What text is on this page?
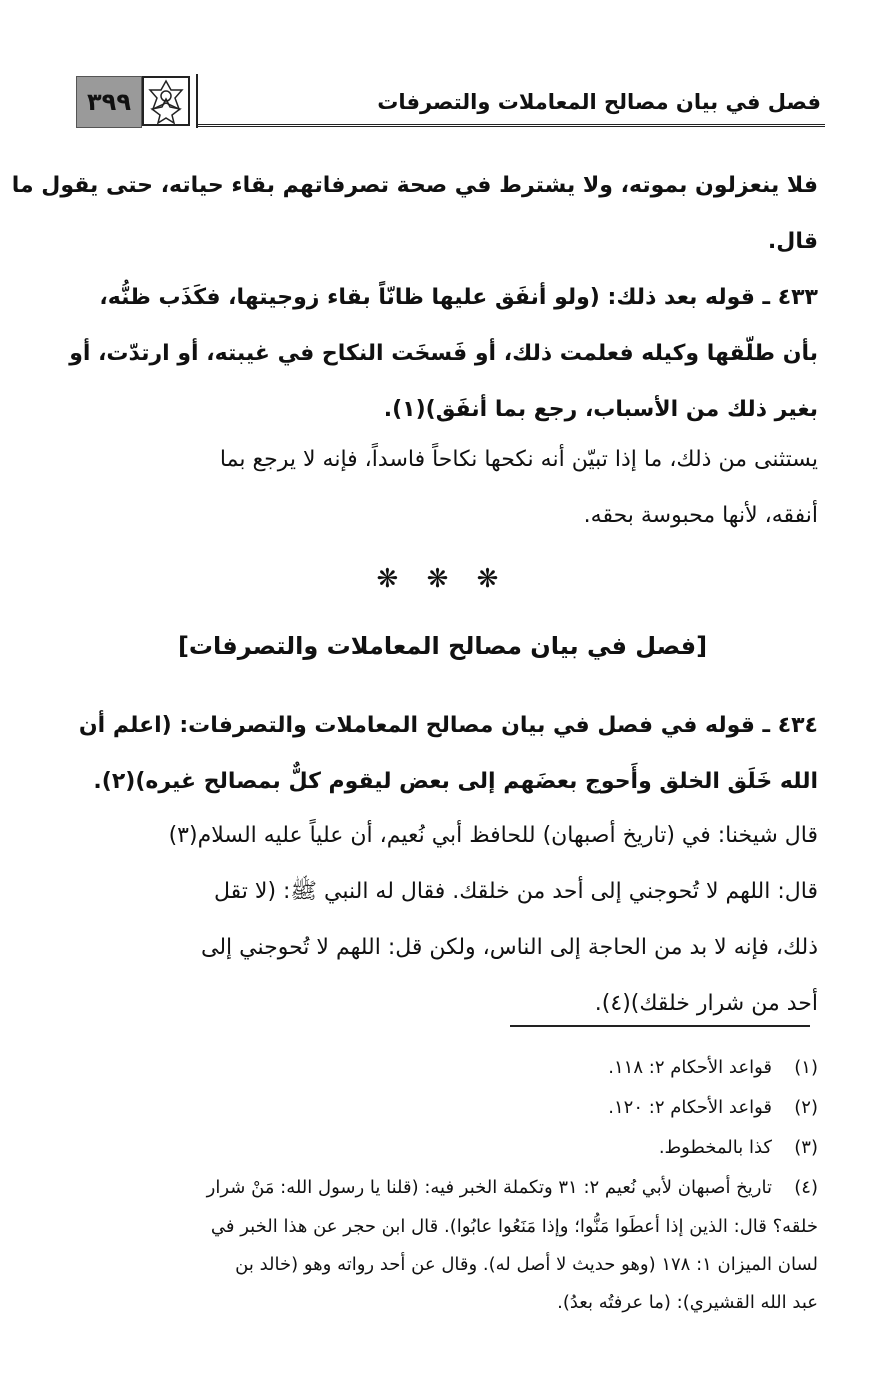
فصل في بيان مصالح المعاملات والتصرفات
٣٩٩
فلا ينعزلون بموته، ولا يشترط في صحة تصرفاتهم بقاء حياته، حتى يقول ما
قال.
٤٣٣ ـ قوله بعد ذلك: (ولو أنفَق عليها ظانّاً بقاء زوجيتها، فكَذَب ظنُّه،
بأن طلّقها وكيله فعلمت ذلك، أو فَسخَت النكاح في غيبته، أو ارتدّت، أو
بغير ذلك من الأسباب، رجع بما أنفَق)(١).
يستثنى من ذلك، ما إذا تبيّن أنه نكحها نكاحاً فاسداً، فإنه لا يرجع بما
أنفقه، لأنها محبوسة بحقه.
❋ ❋ ❋
[فصل في بيان مصالح المعاملات والتصرفات]
٤٣٤ ـ قوله في فصل في بيان مصالح المعاملات والتصرفات: (اعلم أن
الله خَلَق الخلق وأَحوج بعضَهم إلى بعض ليقوم كلٌّ بمصالح غيره)(٢).
قال شيخنا: في (تاريخ أصبهان) للحافظ أبي نُعيم، أن علياً عليه السلام(٣)
قال: اللهم لا تُحوجني إلى أحد من خلقك. فقال له النبي ﷺ: (لا تقل
ذلك، فإنه لا بد من الحاجة إلى الناس، ولكن قل: اللهم لا تُحوجني إلى
أحد من شرار خلقك)(٤).
(١)قواعد الأحكام ٢: ١١٨.
(٢)قواعد الأحكام ٢: ١٢٠.
(٣)كذا بالمخطوط.
(٤)تاريخ أصبهان لأبي نُعيم ٢: ٣١ وتكملة الخبر فيه: (قلنا يا رسول الله: مَنْ شرار
خلقه؟ قال: الذين إذا أعطَوا مَنُّوا؛ وإذا مَنَعُوا عابُوا). قال ابن حجر عن هذا الخبر في
لسان الميزان ١: ١٧٨ (وهو حديث لا أصل له). وقال عن أحد رواته وهو (خالد بن
عبد الله القشيري): (ما عرفتُه بعدُ).
